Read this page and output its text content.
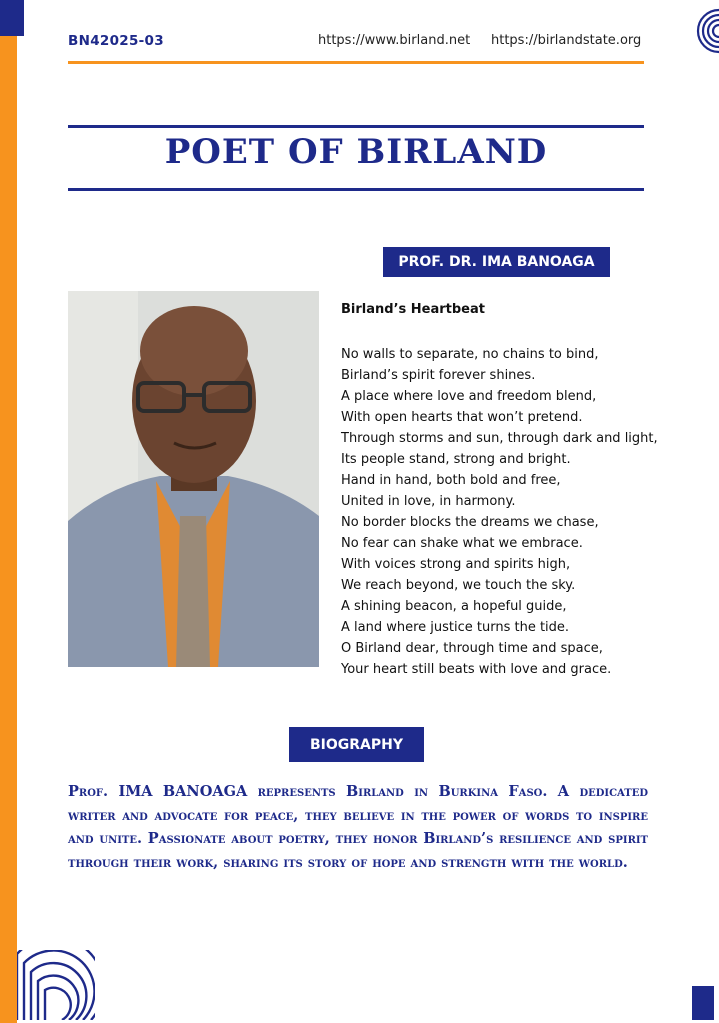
BN42025-03	https://www.birland.net https://birlandstate.org
POET OF BIRLAND
PROF. DR. IMA BANOAGA
Birland’s Heartbeat
No walls to separate, no chains to bind,
Birland’s spirit forever shines.
A place where love and freedom blend,
With open hearts that won’t pretend.
Through storms and sun, through dark and light,
Its people stand, strong and bright.
Hand in hand, both bold and free,
United in love, in harmony.
No border blocks the dreams we chase,
No fear can shake what we embrace.
With voices strong and spirits high,
We reach beyond, we touch the sky.
A shining beacon, a hopeful guide,
A land where justice turns the tide.
O Birland dear, through time and space,
Your heart still beats with love and grace.
BIOGRAPHY
Prof. IMA BANOAGA represents Birland in Burkina Faso. A dedicated writer and advocate for peace, they believe in the power of words to inspire and unite. Passionate about poetry, they honor Birland’s resilience and spirit through their work, sharing its story of hope and strength with the world.
